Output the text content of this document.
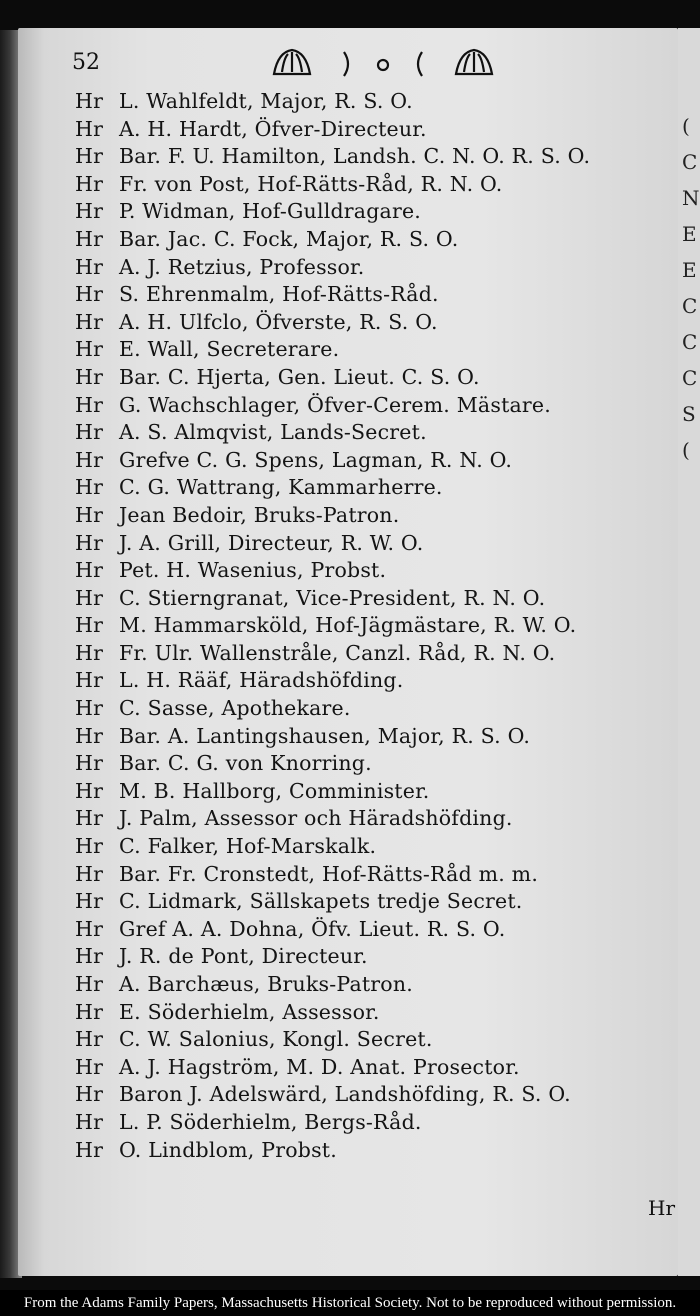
(
C
N
E
E
C
C
C
S
(
52
Hr L. Wahlfeldt, Major, R. S. O.
Hr A. H. Hardt, Öfver-Directeur.
Hr Bar. F. U. Hamilton, Landsh. C. N. O. R. S. O.
Hr Fr. von Post, Hof-Rätts-Råd, R. N. O.
Hr P. Widman, Hof-Gulldragare.
Hr Bar. Jac. C. Fock, Major, R. S. O.
Hr A. J. Retzius, Professor.
Hr S. Ehrenmalm, Hof-Rätts-Råd.
Hr A. H. Ulfclo, Öfverste, R. S. O.
Hr E. Wall, Secreterare.
Hr Bar. C. Hjerta, Gen. Lieut. C. S. O.
Hr G. Wachschlager, Öfver-Cerem. Mästare.
Hr A. S. Almqvist, Lands-Secret.
Hr Grefve C. G. Spens, Lagman, R. N. O.
Hr C. G. Wattrang, Kammarherre.
Hr Jean Bedoir, Bruks-Patron.
Hr J. A. Grill, Directeur, R. W. O.
Hr Pet. H. Wasenius, Probst.
Hr C. Stierngranat, Vice-President, R. N. O.
Hr M. Hammarsköld, Hof-Jägmästare, R. W. O.
Hr Fr. Ulr. Wallenstråle, Canzl. Råd, R. N. O.
Hr L. H. Rääf, Häradshöfding.
Hr C. Sasse, Apothekare.
Hr Bar. A. Lantingshausen, Major, R. S. O.
Hr Bar. C. G. von Knorring.
Hr M. B. Hallborg, Comminister.
Hr J. Palm, Assessor och Häradshöfding.
Hr C. Falker, Hof-Marskalk.
Hr Bar. Fr. Cronstedt, Hof-Rätts-Råd m. m.
Hr C. Lidmark, Sällskapets tredje Secret.
Hr Gref A. A. Dohna, Öfv. Lieut. R. S. O.
Hr J. R. de Pont, Directeur.
Hr A. Barchæus, Bruks-Patron.
Hr E. Söderhielm, Assessor.
Hr C. W. Salonius, Kongl. Secret.
Hr A. J. Hagström, M. D. Anat. Prosector.
Hr Baron J. Adelswärd, Landshöfding, R. S. O.
Hr L. P. Söderhielm, Bergs-Råd.
Hr O. Lindblom, Probst.
Hr
From the Adams Family Papers, Massachusetts Historical Society. Not to be reproduced without permission.
